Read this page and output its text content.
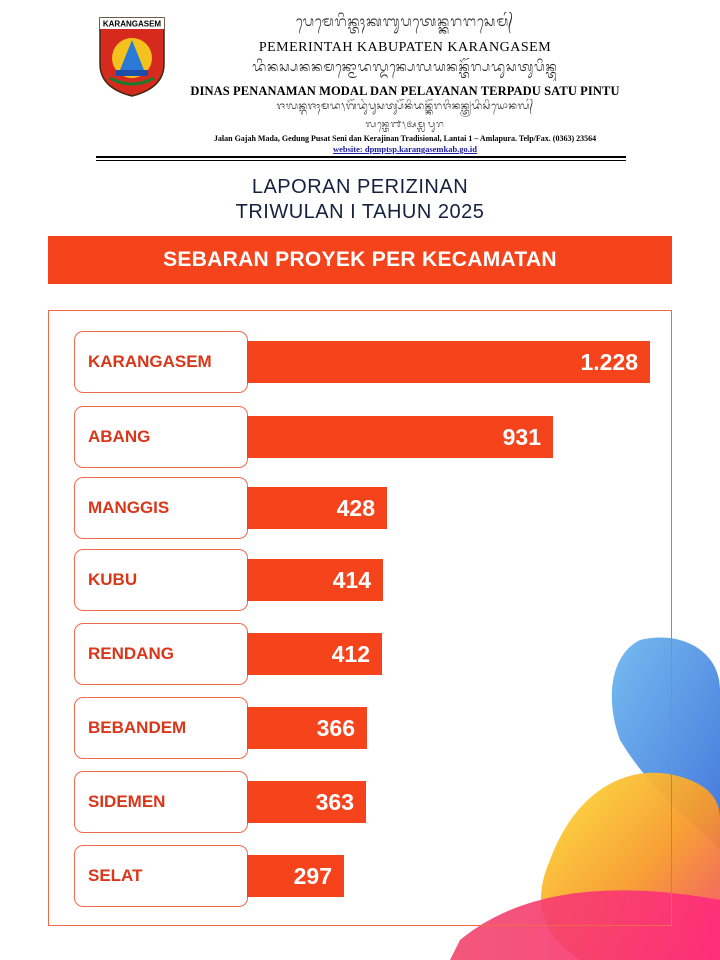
KARANGASEM	ᬧᬾᬫᬾᬭᬶᬦ᭄ᬢᬄᬓᬩᬸᬧᬢᬾᬦ᭄ᬓᬭᬗᬲᬾᬫ᭄
PEMERINTAH KABUPATEN KARANGASEM
ᬤᬶᬦᬲ᭄ᬧᬦᬦᬫᬦ᭄ᬫᭀᬤᬮ᭄ᬤᬦ᭄ᬧᬾᬮᬬᬦᬦ᭄ᬢᭂᬭ᭄ᬧᬤᬸᬲᬢᬸᬧᬶᬦ᭄ᬢᬸ
DINAS PENANAMAN MODAL DAN PELAYANAN TERPADU SATU PINTU
ᬚᬮᬦ᭄ᬕᬚᬄᬫᬤ᭞ᬕᭂᬤᬸᬂᬧᬸᬲᬢ᭄ᬲᭂᬦᬶᬤᬦ᭄ᬓᭂᬭᬚᬶᬦᬦ᭄ᬢ᭄ᬭᬤᬶᬲᬶᬬᭀᬦᬮ᭄
ᬮᬦ᭄ᬢᬾ᭑᭞ᬅᬫ᭄ᬮᬧᬸᬭ
Jalan Gajah Mada, Gedung Pusat Seni dan Kerajinan Tradisional, Lantai 1 – Amlapura. Telp/Fax. (0363) 23564
website: dpmptsp.karangasemkab.go.id
LAPORAN PERIZINAN
TRIWULAN I TAHUN 2025
SEBARAN PROYEK PER KECAMATAN
KARANGASEM	1.228
ABANG	931
MANGGIS	428
KUBU	414
RENDANG	412
BEBANDEM	366
SIDEMEN	363
SELAT	297
